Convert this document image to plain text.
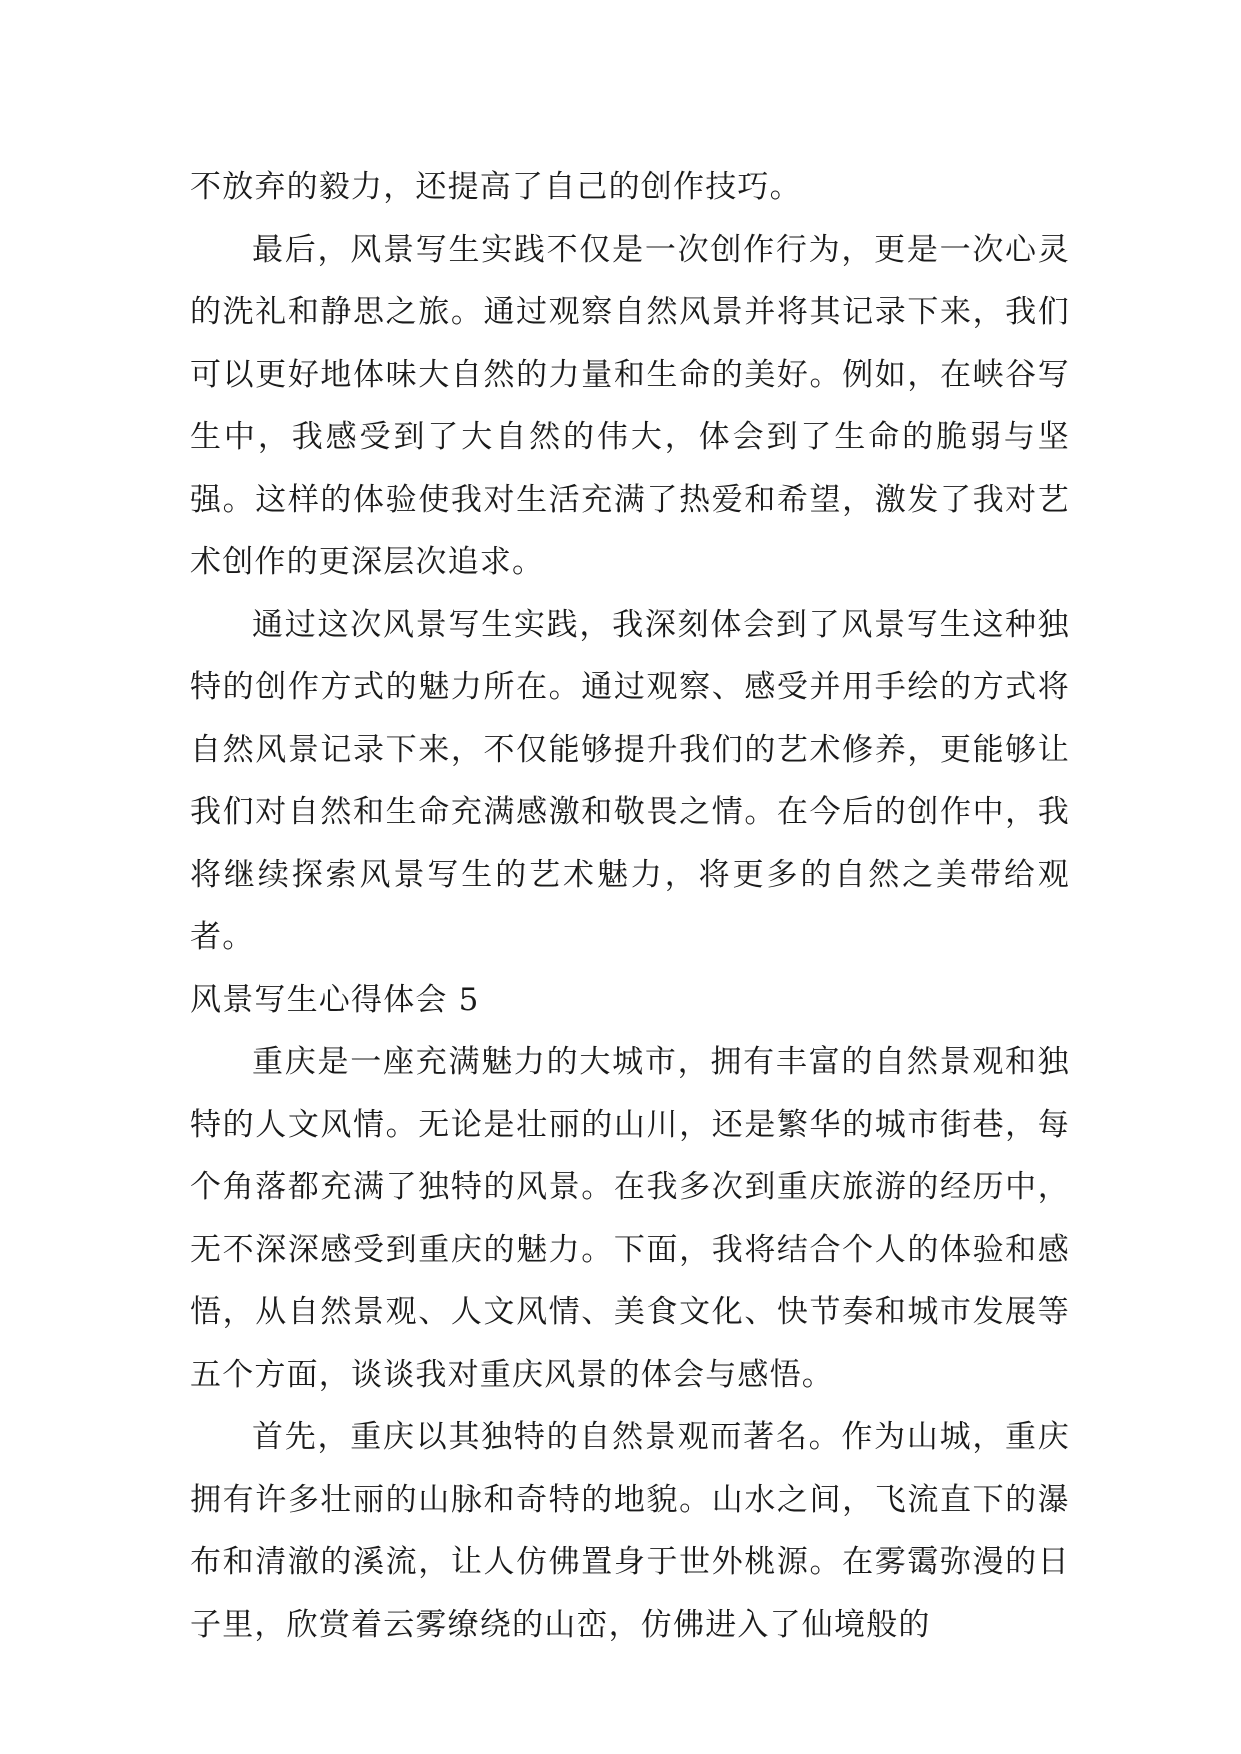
不放弃的毅力，还提高了自己的创作技巧。

最后，风景写生实践不仅是一次创作行为，更是一次心灵的洗礼和静思之旅。通过观察自然风景并将其记录下来，我们可以更好地体味大自然的力量和生命的美好。例如，在峡谷写生中，我感受到了大自然的伟大，体会到了生命的脆弱与坚强。这样的体验使我对生活充满了热爱和希望，激发了我对艺术创作的更深层次追求。

通过这次风景写生实践，我深刻体会到了风景写生这种独特的创作方式的魅力所在。通过观察、感受并用手绘的方式将自然风景记录下来，不仅能够提升我们的艺术修养，更能够让我们对自然和生命充满感激和敬畏之情。在今后的创作中，我将继续探索风景写生的艺术魅力，将更多的自然之美带给观者。

风景写生心得体会 5

重庆是一座充满魅力的大城市，拥有丰富的自然景观和独特的人文风情。无论是壮丽的山川，还是繁华的城市街巷，每个角落都充满了独特的风景。在我多次到重庆旅游的经历中，无不深深感受到重庆的魅力。下面，我将结合个人的体验和感悟，从自然景观、人文风情、美食文化、快节奏和城市发展等五个方面，谈谈我对重庆风景的体会与感悟。

首先，重庆以其独特的自然景观而著名。作为山城，重庆拥有许多壮丽的山脉和奇特的地貌。山水之间，飞流直下的瀑布和清澈的溪流，让人仿佛置身于世外桃源。在雾霭弥漫的日子里，欣赏着云雾缭绕的山峦，仿佛进入了仙境般的
